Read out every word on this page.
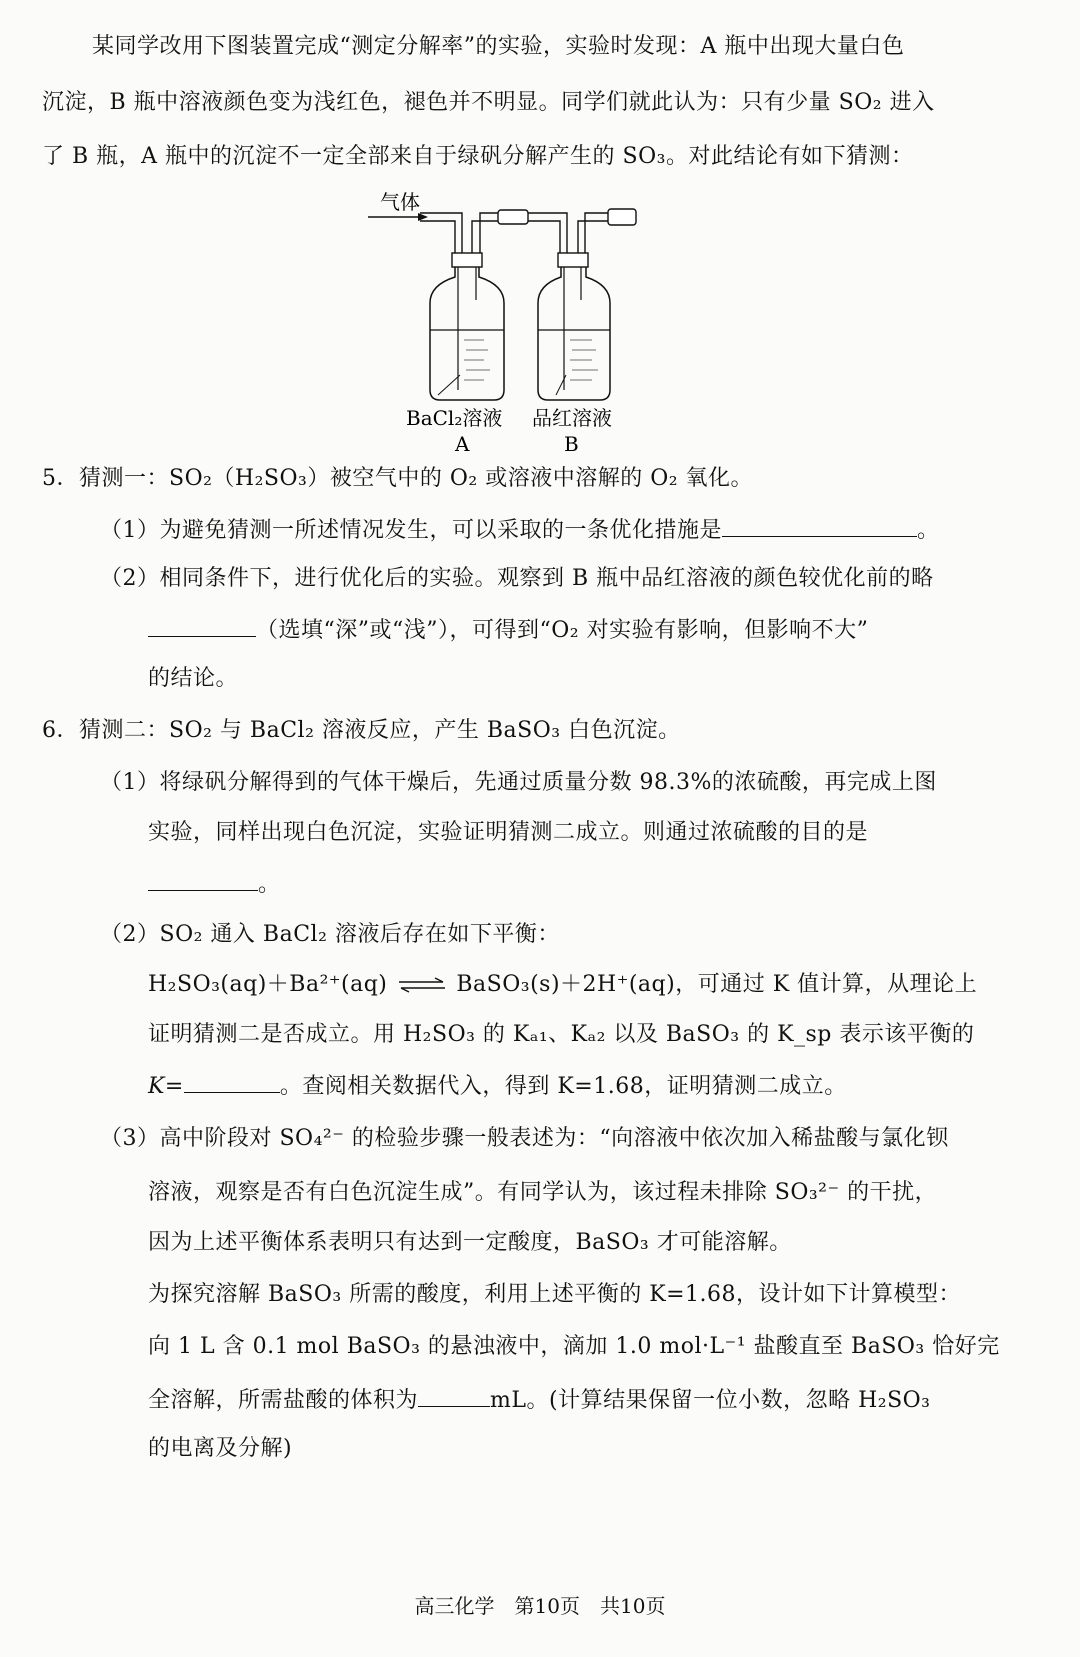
某同学改用下图装置完成“测定分解率”的实验，实验时发现：A 瓶中出现大量白色
沉淀，B 瓶中溶液颜色变为浅红色，褪色并不明显。同学们就此认为：只有少量 SO₂ 进入
了 B 瓶，A 瓶中的沉淀不一定全部来自于绿矾分解产生的 SO₃。对此结论有如下猜测：
气体
BaCl₂溶液 品红溶液
A	B
5．猜测一：SO₂（H₂SO₃）被空气中的 O₂ 或溶液中溶解的 O₂ 氧化。
（1）为避免猜测一所述情况发生，可以采取的一条优化措施是	。
（2）相同条件下，进行优化后的实验。观察到 B 瓶中品红溶液的颜色较优化前的略
（选填“深”或“浅”），可得到“O₂ 对实验有影响，但影响不大”
的结论。
6．猜测二：SO₂ 与 BaCl₂ 溶液反应，产生 BaSO₃ 白色沉淀。
（1）将绿矾分解得到的气体干燥后，先通过质量分数 98.3%的浓硫酸，再完成上图
实验，同样出现白色沉淀，实验证明猜测二成立。则通过浓硫酸的目的是
。
（2）SO₂ 通入 BaCl₂ 溶液后存在如下平衡：
H₂SO₃(aq)＋Ba²⁺(aq) ⇌ BaSO₃(s)＋2H⁺(aq)，可通过 K 值计算，从理论上
证明猜测二是否成立。用 H₂SO₃ 的 Kₐ₁、Kₐ₂ 以及 BaSO₃ 的 K_sp 表示该平衡的
K=	。查阅相关数据代入，得到 K=1.68，证明猜测二成立。
（3）高中阶段对 SO₄²⁻ 的检验步骤一般表述为：“向溶液中依次加入稀盐酸与氯化钡
溶液，观察是否有白色沉淀生成”。有同学认为，该过程未排除 SO₃²⁻ 的干扰，
因为上述平衡体系表明只有达到一定酸度，BaSO₃ 才可能溶解。
为探究溶解 BaSO₃ 所需的酸度，利用上述平衡的 K=1.68，设计如下计算模型：
向 1 L 含 0.1 mol BaSO₃ 的悬浊液中，滴加 1.0 mol·L⁻¹ 盐酸直至 BaSO₃ 恰好完
全溶解，所需盐酸的体积为	mL。(计算结果保留一位小数，忽略 H₂SO₃
的电离及分解)
高三化学　第10页　共10页
